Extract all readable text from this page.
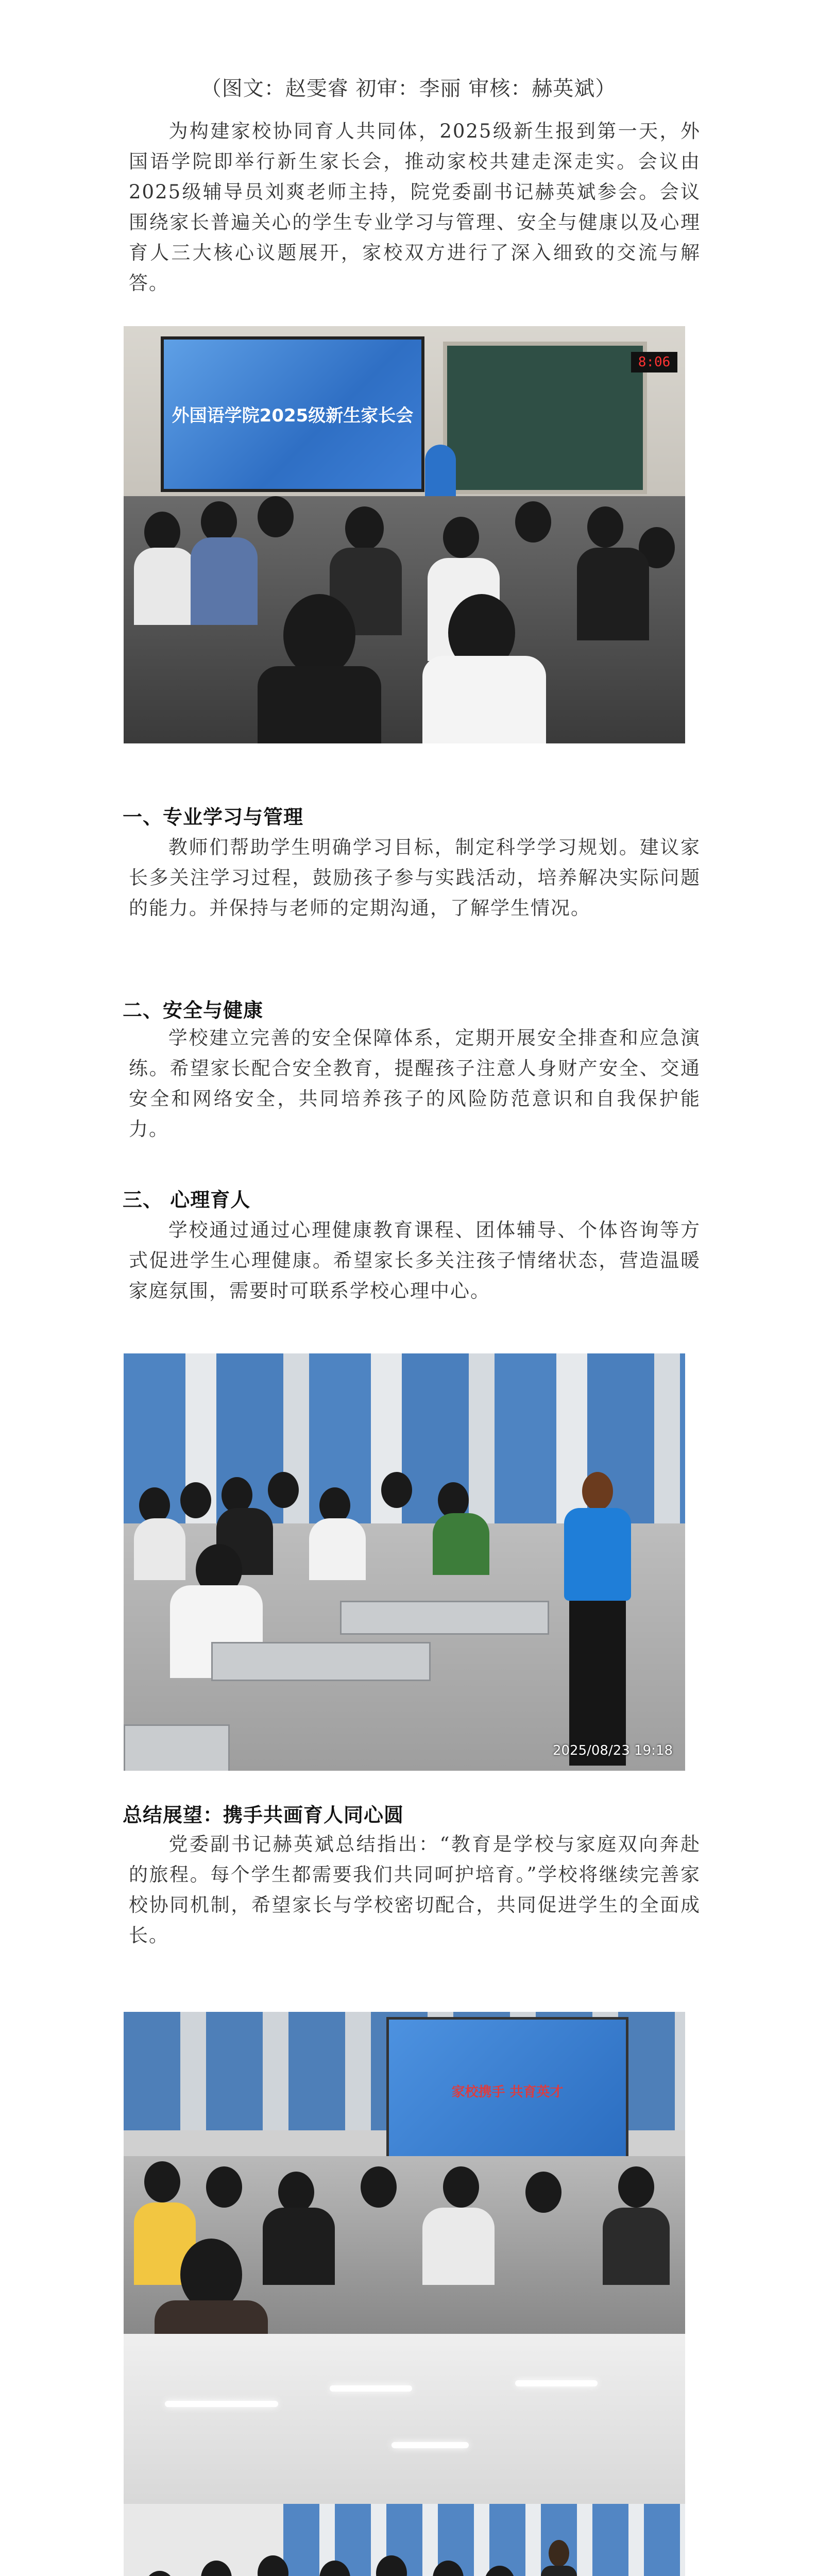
（图文：赵雯睿 初审：李丽 审核：赫英斌）
为构建家校协同育人共同体，2025级新生报到第一天，外国语学院即举行新生家长会，推动家校共建走深走实。会议由2025级辅导员刘爽老师主持，院党委副书记赫英斌参会。会议围绕家长普遍关心的学生专业学习与管理、安全与健康以及心理育人三大核心议题展开，家校双方进行了深入细致的交流与解答。
外国语学院2025级新生家长会
8:06
一、专业学习与管理
教师们帮助学生明确学习目标，制定科学学习规划。建议家长多关注学习过程，鼓励孩子参与实践活动，培养解决实际问题的能力。并保持与老师的定期沟通，了解学生情况。
二、安全与健康
学校建立完善的安全保障体系，定期开展安全排查和应急演练。希望家长配合安全教育，提醒孩子注意人身财产安全、交通安全和网络安全，共同培养孩子的风险防范意识和自我保护能力。
三、 心理育人
学校通过通过心理健康教育课程、团体辅导、个体咨询等方式促进学生心理健康。希望家长多关注孩子情绪状态，营造温暖家庭氛围，需要时可联系学校心理中心。
2025/08/23 19:18
总结展望：携手共画育人同心圆
党委副书记赫英斌总结指出：“教育是学校与家庭双向奔赴的旅程。每个学生都需要我们共同呵护培育。”学校将继续完善家校协同机制，希望家长与学校密切配合，共同促进学生的全面成长。
家校携手 共育英才
